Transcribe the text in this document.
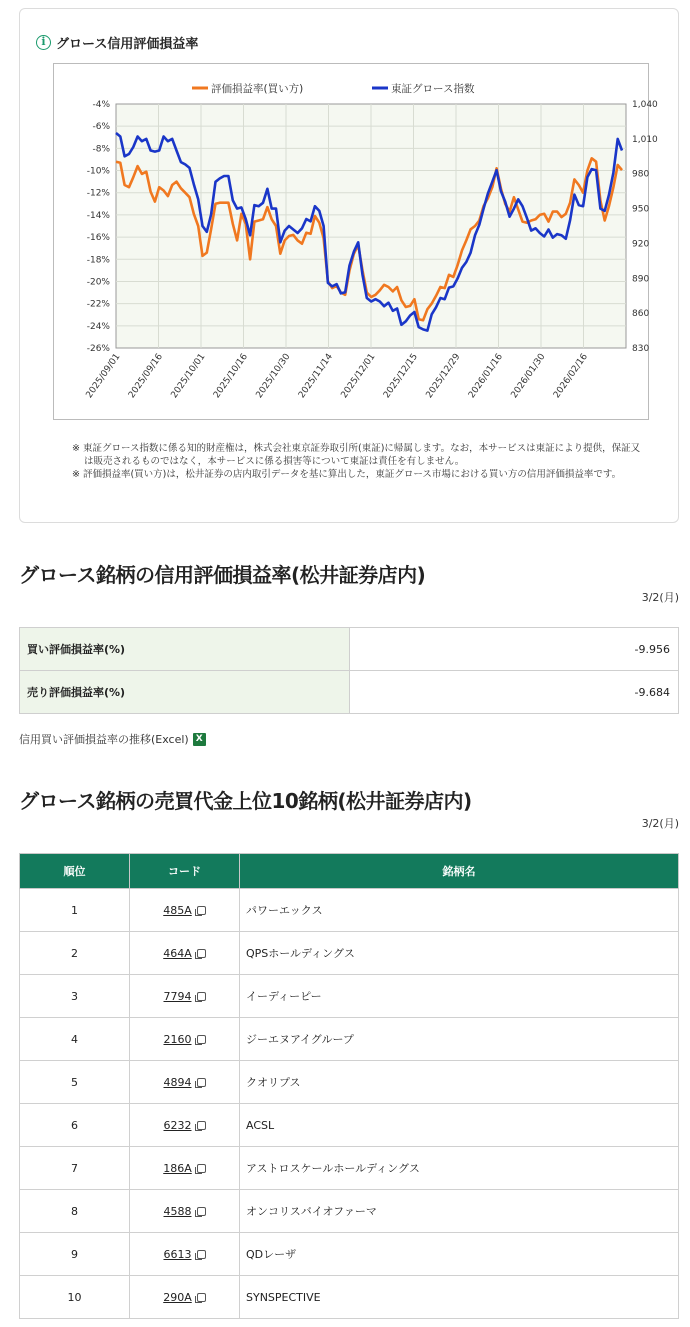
i グロース信用評価損益率
-4%
-6%
-8%
-10%
-12%
-14%
-16%
-18%
-20%
-22%
-24%
-26%
1,040
1,010
980
950
920
890
860
830
2025/09/01 2025/09/16 2025/10/01 2025/10/16 2025/10/30 2025/11/14 2025/12/01 2025/12/15 2025/12/29 2026/01/16 2026/01/30 2026/02/16
評価損益率(買い方)	東証グロース指数
※ 東証グロース指数に係る知的財産権は，株式会社東京証券取引所(東証)に帰属します。なお，本サービスは東証により提供，保証又は販売されるものではなく，本サービスに係る損害等について東証は責任を有しません。
※ 評価損益率(買い方)は，松井証券の店内取引データを基に算出した，東証グロース市場における買い方の信用評価損益率です。
グロース銘柄の信用評価損益率(松井証券店内)
3/2(月)
買い評価損益率(%)	-9.956
売り評価損益率(%)	-9.684
信用買い評価損益率の推移(Excel) X
グロース銘柄の売買代金上位10銘柄(松井証券店内)
3/2(月)
順位	コード	銘柄名
1	485A	パワーエックス
2	464A	QPSホールディングス
3	7794	イーディーピー
4	2160	ジーエヌアイグループ
5	4894	クオリプス
6	6232	ACSL
7	186A	アストロスケールホールディングス
8	4588	オンコリスバイオファーマ
9	6613	QDレーザ
10	290A	SYNSPECTIVE
